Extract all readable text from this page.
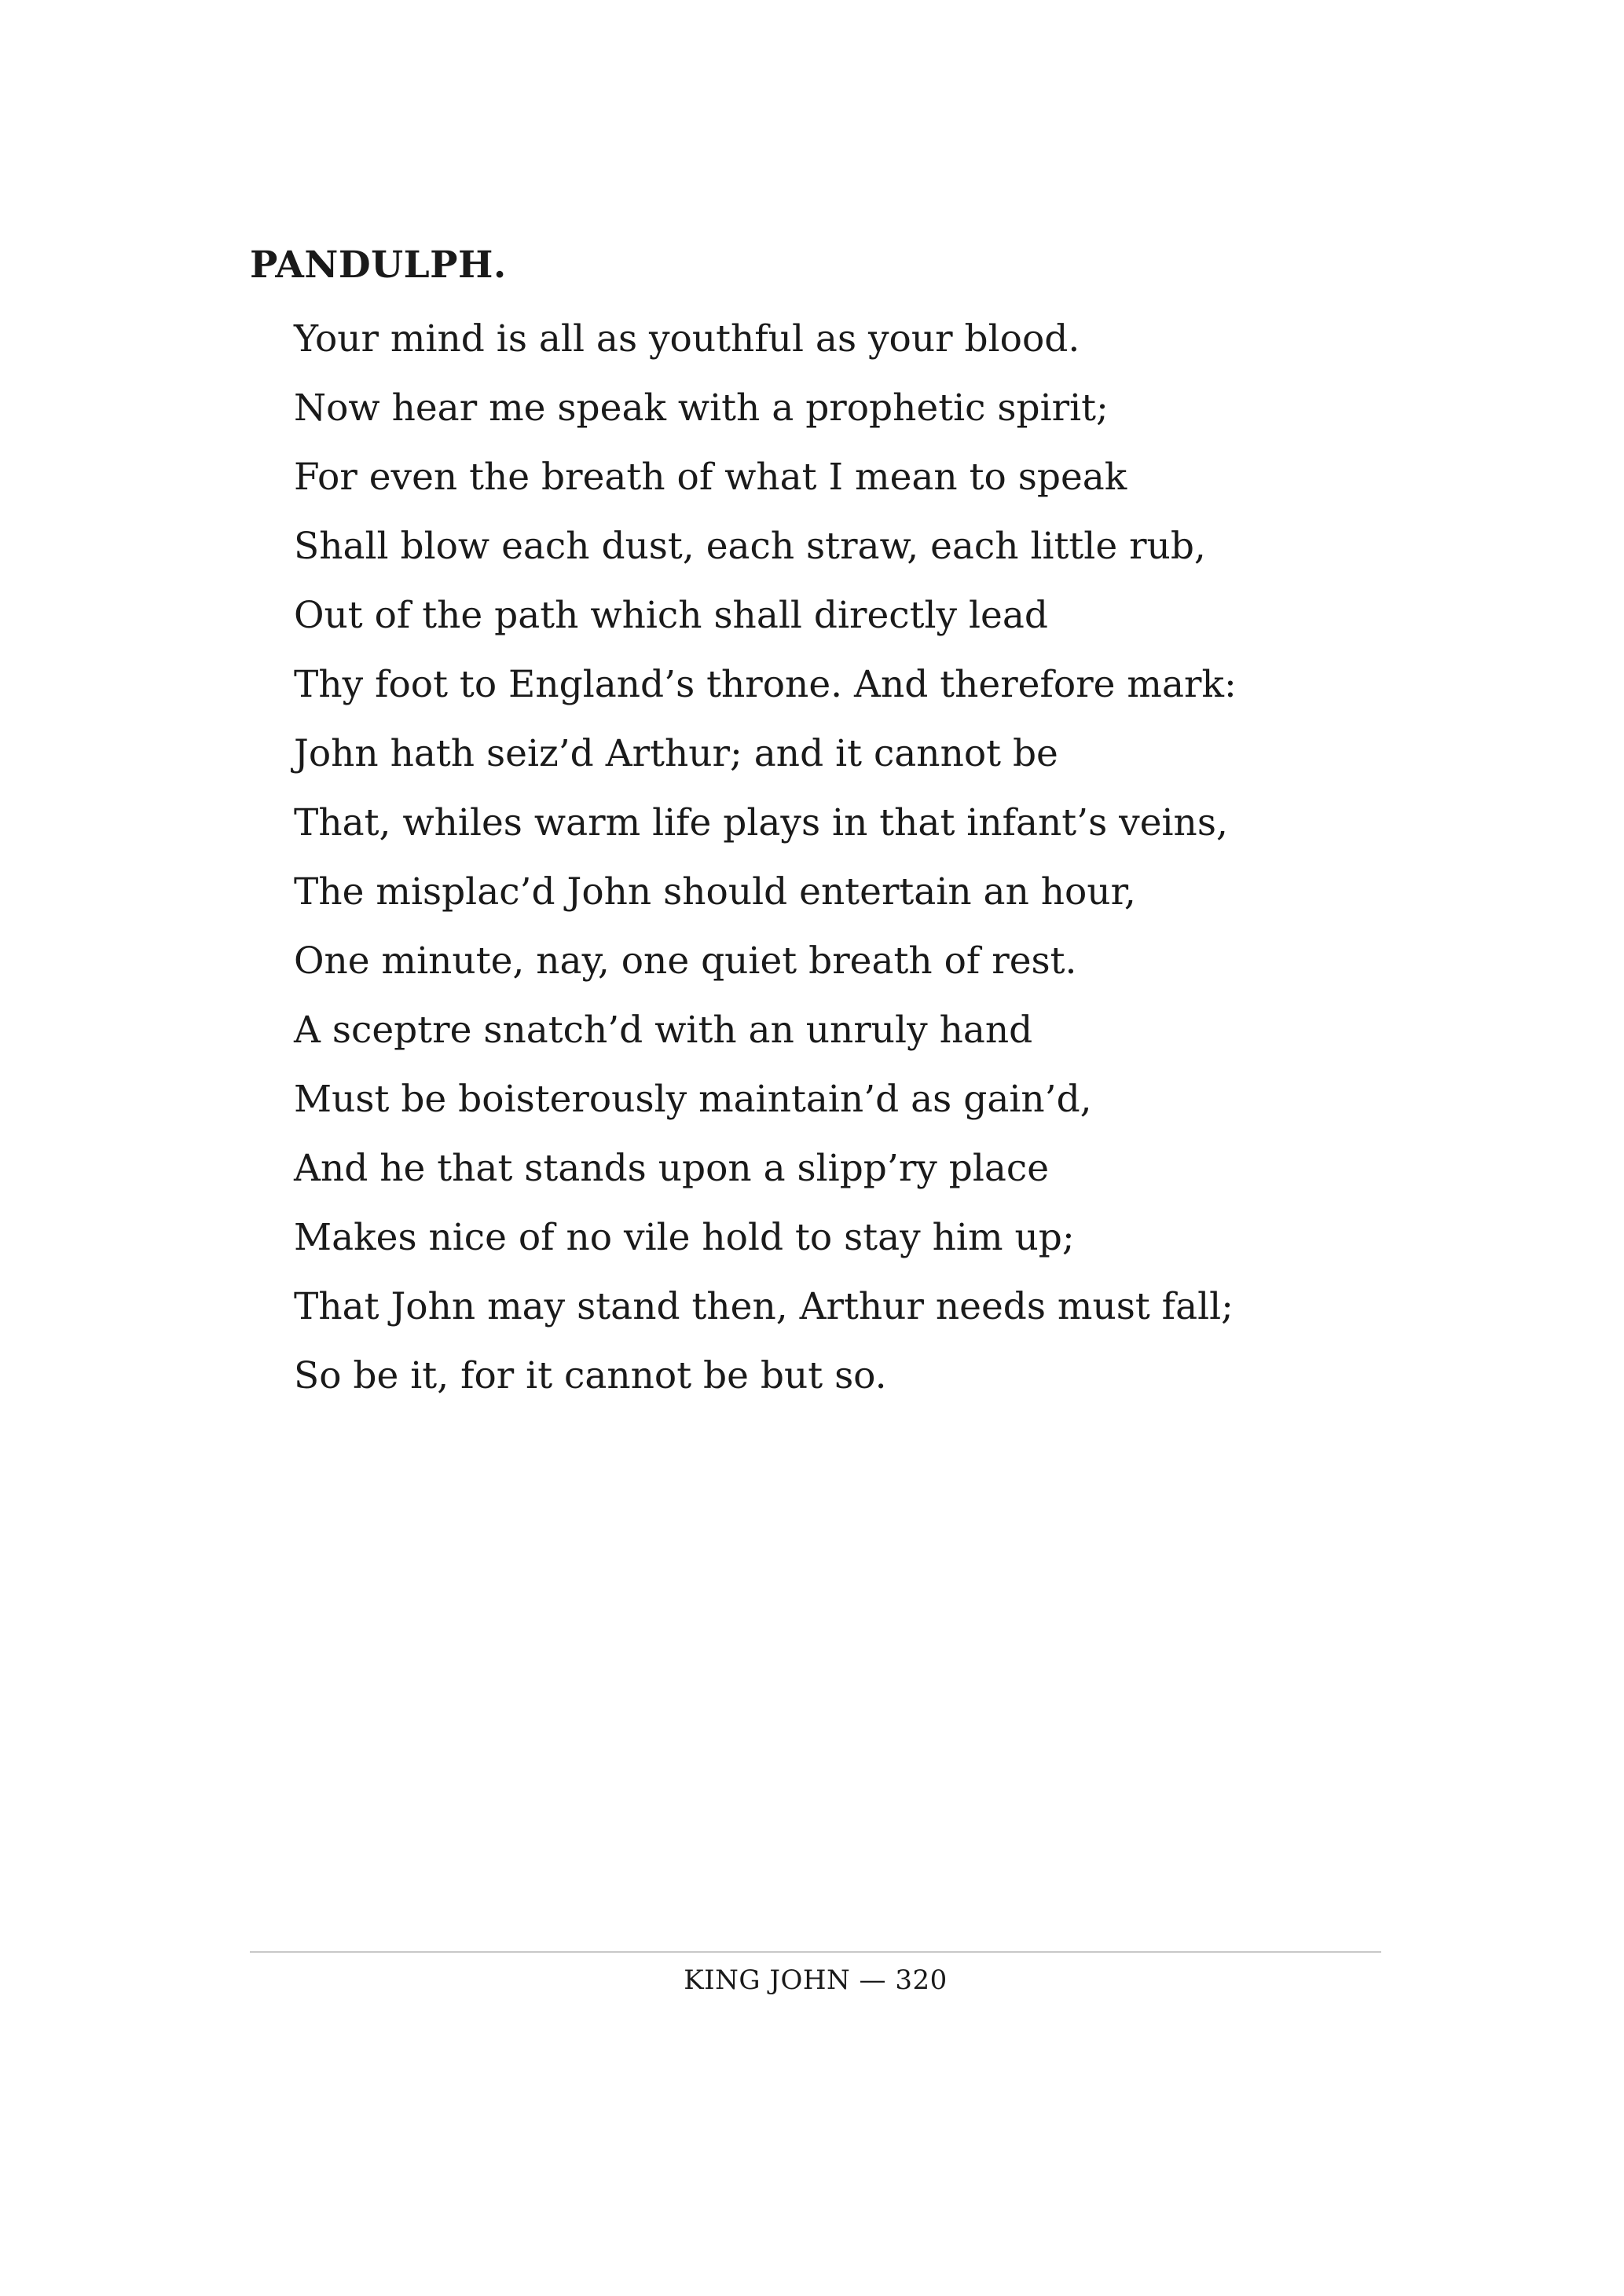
PANDULPH.
Your mind is all as youthful as your blood.
Now hear me speak with a prophetic spirit;
For even the breath of what I mean to speak
Shall blow each dust, each straw, each little rub,
Out of the path which shall directly lead
Thy foot to England’s throne. And therefore mark:
John hath seiz’d Arthur; and it cannot be
That, whiles warm life plays in that infant’s veins,
The misplac’d John should entertain an hour,
One minute, nay, one quiet breath of rest.
A sceptre snatch’d with an unruly hand
Must be boisterously maintain’d as gain’d,
And he that stands upon a slipp’ry place
Makes nice of no vile hold to stay him up;
That John may stand then, Arthur needs must fall;
So be it, for it cannot be but so.
KING JOHN — 320
